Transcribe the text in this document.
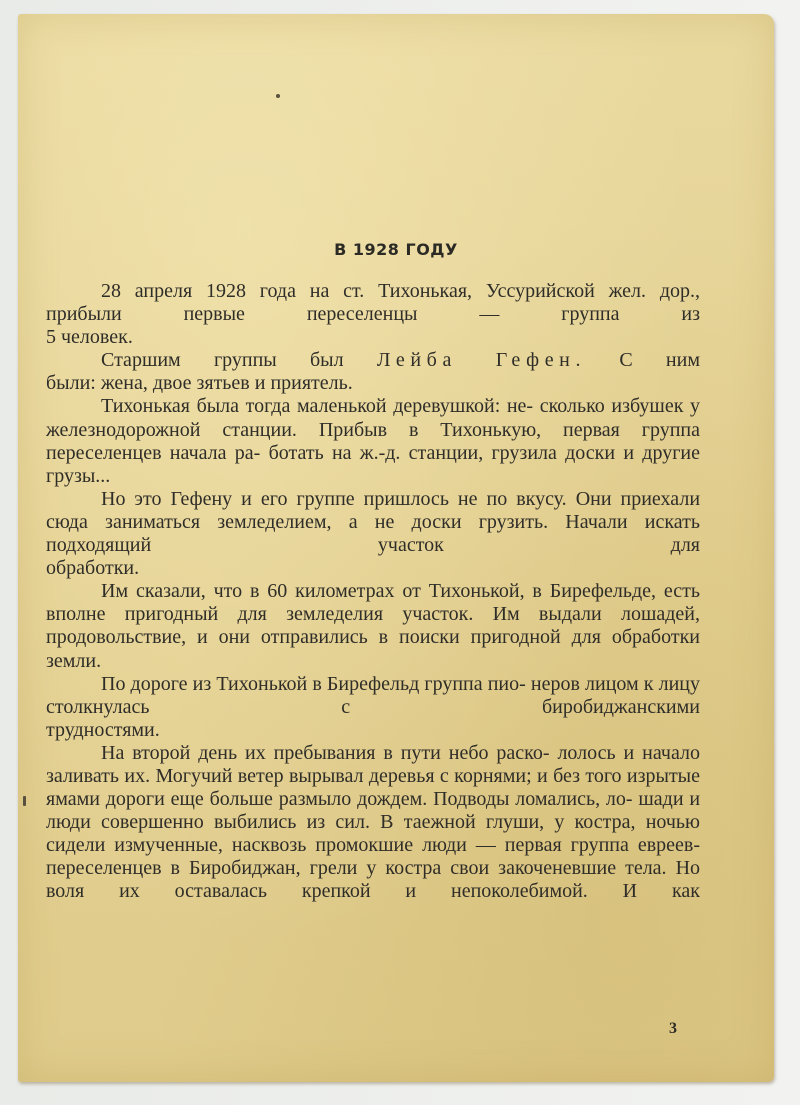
В 1928 ГОДУ

28 апреля 1928 года на ст. Тихонькая, Уссурийской жел. дор., прибыли первые переселенцы — группа из

5 человек.

Старшим группы был Лейба Гефен. С ним

были: жена, двое зятьев и приятель.

Тихонькая была тогда маленькой деревушкой: не- сколько избушек у железнодорожной станции. Прибыв в Тихонькую, первая группа переселенцев начала ра- ботать на ж.-д. станции, грузила доски и другие

грузы...

Но это Гефену и его группе пришлось не по вкусу. Они приехали сюда заниматься земледелием, а не доски грузить. Начали искать подходящий участок для

обработки.

Им сказали, что в 60 километрах от Тихонькой, в Бирефельде, есть вполне пригодный для земледелия участок. Им выдали лошадей, продовольствие, и они отправились в поиски пригодной для обработки земли.

По дороге из Тихонькой в Бирефельд группа пио- неров лицом к лицу столкнулась с биробиджанскими

трудностями.

На второй день их пребывания в пути небо раско- лолось и начало заливать их. Могучий ветер вырывал деревья с корнями; и без того изрытые ямами дороги еще больше размыло дождем. Подводы ломались, ло- шади и люди совершенно выбились из сил. В таежной глуши, у костра, ночью сидели измученные, насквозь промокшие люди — первая группа евреев-переселенцев в Биробиджан, грели у костра свои закоченевшие тела. Но воля их оставалась крепкой и непоколебимой. И как

3
